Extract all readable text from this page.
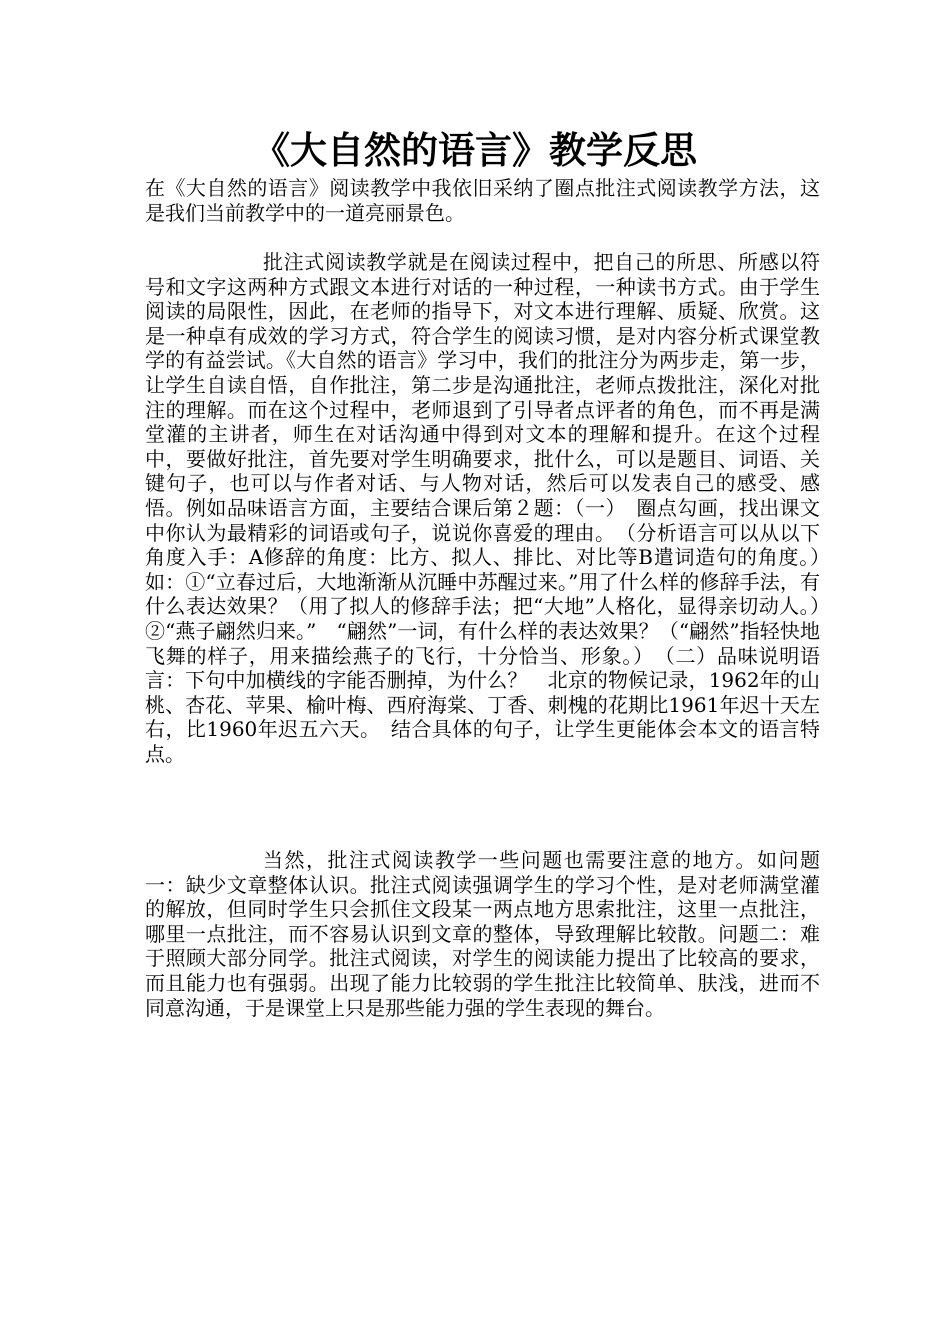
《大自然的语言》教学反思

在《大自然的语言》阅读教学中我依旧采纳了圈点批注式阅读教学方法，这是我们当前教学中的一道亮丽景色。

批注式阅读教学就是在阅读过程中，把自己的所思、所感以符号和文字这两种方式跟文本进行对话的一种过程，一种读书方式。由于学生阅读的局限性，因此，在老师的指导下，对文本进行理解、质疑、欣赏。这是一种卓有成效的学习方式，符合学生的阅读习惯，是对内容分析式课堂教学的有益尝试。《大自然的语言》学习中，我们的批注分为两步走，第一步，让学生自读自悟，自作批注，第二步是沟通批注，老师点拨批注，深化对批注的理解。而在这个过程中，老师退到了引导者点评者的角色，而不再是满堂灌的主讲者，师生在对话沟通中得到对文本的理解和提升。在这个过程中，要做好批注，首先要对学生明确要求，批什么，可以是题目、词语、关键句子，也可以与作者对话、与人物对话，然后可以发表自己的感受、感悟。例如品味语言方面，主要结合课后第２题：（一）　圈点勾画，找出课文中你认为最精彩的词语或句子，说说你喜爱的理由。　（分析语言可以从以下角度入手：A修辞的角度：比方、拟人、排比、对比等B遣词造句的角度。）　如：①“立春过后，大地渐渐从沉睡中苏醒过来。”用了什么样的修辞手法，有什么表达效果？（用了拟人的修辞手法；把“大地”人格化，显得亲切动人。）　②“燕子翩然归来。”　“翩然”一词，有什么样的表达效果？（“翩然”指轻快地飞舞的样子，用来描绘燕子的飞行，十分恰当、形象。）　（二）品味说明语言：下句中加横线的字能否删掉，为什么？　北京的物候记录，1962年的山桃、杏花、苹果、榆叶梅、西府海棠、丁香、刺槐的花期比1961年迟十天左右，比1960年迟五六天。　结合具体的句子，让学生更能体会本文的语言特点。

当然，批注式阅读教学一些问题也需要注意的地方。如问题一：缺少文章整体认识。批注式阅读强调学生的学习个性，是对老师满堂灌的解放，但同时学生只会抓住文段某一两点地方思索批注，这里一点批注，哪里一点批注，而不容易认识到文章的整体，导致理解比较散。问题二：难于照顾大部分同学。批注式阅读，对学生的阅读能力提出了比较高的要求，而且能力也有强弱。出现了能力比较弱的学生批注比较简单、肤浅，进而不同意沟通，于是课堂上只是那些能力强的学生表现的舞台。
